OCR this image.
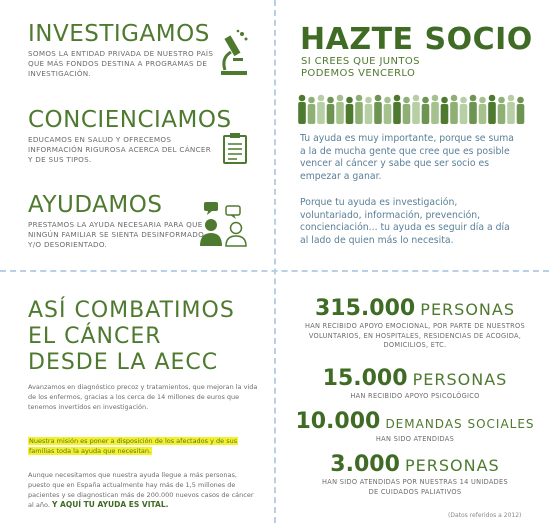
INVESTIGAMOS

SOMOS LA ENTIDAD PRIVADA DE NUESTRO PAÍS QUE MÁS FONDOS DESTINA A PROGRAMAS DE INVESTIGACIÓN.

CONCIENCIAMOS

EDUCAMOS EN SALUD Y OFRECEMOS INFORMACIÓN RIGUROSA ACERCA DEL CÁNCER Y DE SUS TIPOS.

AYUDAMOS

PRESTAMOS LA AYUDA NECESARIA PARA QUE NINGÚN FAMILIAR SE SIENTA DESINFORMADO Y/O DESORIENTADO.

HAZTE SOCIO
SI CREES QUE JUNTOS
PODEMOS VENCERLO
Tu ayuda es muy importante, porque se suma a la de mucha gente que cree que es posible vencer al cáncer y sabe que ser socio es empezar a ganar.
Porque tu ayuda es investigación, voluntariado, información, prevención, concienciación... tu ayuda es seguir día a día al lado de quien más lo necesita.
ASÍ COMBATIMOS
EL CÁNCER
DESDE LA AECC
Avanzamos en diagnóstico precoz y tratamientos, que mejoran la vida de los enfermos, gracias a los cerca de 14 millones de euros que tenemos invertidos en investigación.
Nuestra misión es poner a disposición de los afectados y de sus
familias toda la ayuda que necesitan.
Aunque necesitamos que nuestra ayuda llegue a más personas, puesto que en España actualmente hay más de 1,5 millones de pacientes y se diagnostican más de 200.000 nuevos casos de cáncer al año. Y AQUÍ TU AYUDA ES VITAL.
315.000 PERSONAS
HAN RECIBIDO APOYO EMOCIONAL, POR PARTE DE NUESTROS VOLUNTARIOS, EN HOSPITALES, RESIDENCIAS DE ACOGIDA, DOMICILIOS, ETC.
15.000 PERSONAS
HAN RECIBIDO APOYO PSICOLÓGICO
10.000 DEMANDAS SOCIALES
HAN SIDO ATENDIDAS
3.000 PERSONAS
HAN SIDO ATENDIDAS POR NUESTRAS 14 UNIDADES DE CUIDADOS PALIATIVOS
(Datos referidos a 2012)
